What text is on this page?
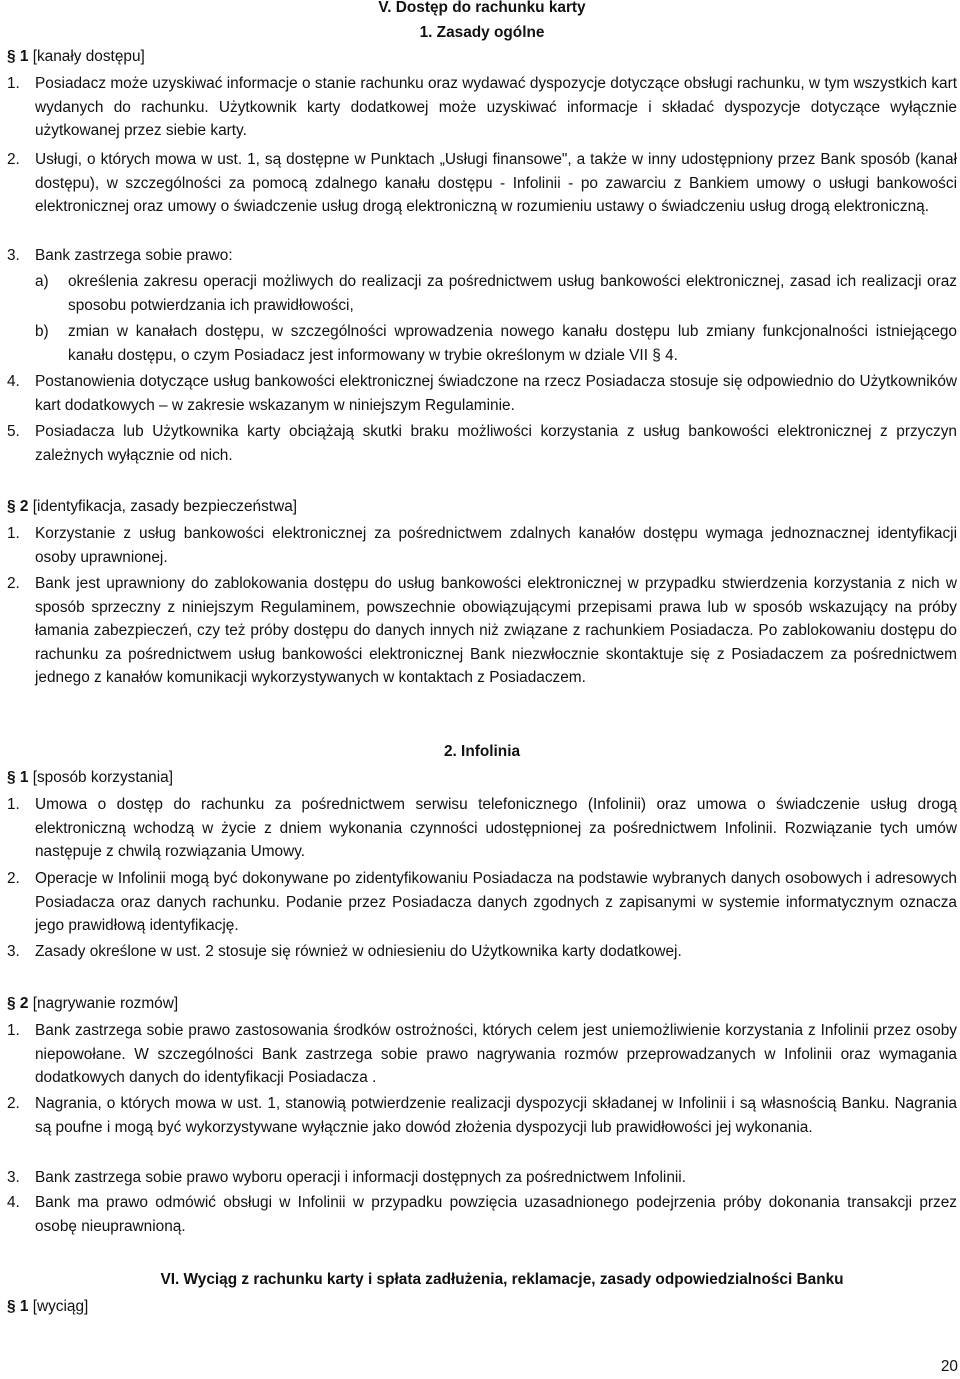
V. Dostęp do rachunku karty
1. Zasady ogólne
§ 1 [kanały dostępu]
1. Posiadacz może uzyskiwać informacje o stanie rachunku oraz wydawać dyspozycje dotyczące obsługi rachunku, w tym wszystkich kart wydanych do rachunku. Użytkownik karty dodatkowej może uzyskiwać informacje i składać dyspozycje dotyczące wyłącznie użytkowanej przez siebie karty.
2. Usługi, o których mowa w ust. 1, są dostępne w Punktach „Usługi finansowe", a także w inny udostępniony przez Bank sposób (kanał dostępu), w szczególności za pomocą zdalnego kanału dostępu - Infolinii - po zawarciu z Bankiem umowy o usługi bankowości elektronicznej oraz umowy o świadczenie usług drogą elektroniczną w rozumieniu ustawy o świadczeniu usług drogą elektroniczną.
3. Bank zastrzega sobie prawo:
a)	określenia zakresu operacji możliwych do realizacji za pośrednictwem usług bankowości elektronicznej, zasad ich realizacji oraz sposobu potwierdzania ich prawidłowości,
b)	zmian w kanałach dostępu, w szczególności wprowadzenia nowego kanału dostępu lub zmiany funkcjonalności istniejącego kanału dostępu, o czym Posiadacz jest informowany w trybie określonym w dziale VII § 4.
4. Postanowienia dotyczące usług bankowości elektronicznej świadczone na rzecz Posiadacza stosuje się odpowiednio do Użytkowników kart dodatkowych – w zakresie wskazanym w niniejszym Regulaminie.
5. Posiadacza lub Użytkownika karty obciążają skutki braku możliwości korzystania z usług bankowości elektronicznej z przyczyn zależnych wyłącznie od nich.
§ 2 [identyfikacja, zasady bezpieczeństwa]
1. Korzystanie z usług bankowości elektronicznej za pośrednictwem zdalnych kanałów dostępu wymaga jednoznacznej identyfikacji osoby uprawnionej.
2. Bank jest uprawniony do zablokowania dostępu do usług bankowości elektronicznej w przypadku stwierdzenia korzystania z nich w sposób sprzeczny z niniejszym Regulaminem, powszechnie obowiązującymi przepisami prawa lub w sposób wskazujący na próby łamania zabezpieczeń, czy też próby dostępu do danych innych niż związane z rachunkiem Posiadacza. Po zablokowaniu dostępu do rachunku za pośrednictwem usług bankowości elektronicznej Bank niezwłocznie skontaktuje się z Posiadaczem za pośrednictwem jednego z kanałów komunikacji wykorzystywanych w kontaktach z Posiadaczem.
2. Infolinia
§ 1 [sposób korzystania]
1. Umowa o dostęp do rachunku za pośrednictwem serwisu telefonicznego (Infolinii) oraz umowa o świadczenie usług drogą elektroniczną wchodzą w życie z dniem wykonania czynności udostępnionej za pośrednictwem Infolinii. Rozwiązanie tych umów następuje z chwilą rozwiązania Umowy.
2. Operacje w Infolinii mogą być dokonywane po zidentyfikowaniu Posiadacza na podstawie wybranych danych osobowych i adresowych Posiadacza oraz danych rachunku. Podanie przez Posiadacza danych zgodnych z zapisanymi w systemie informatycznym oznacza jego prawidłową identyfikację.
3. Zasady określone w ust. 2 stosuje się również w odniesieniu do Użytkownika karty dodatkowej.
§ 2 [nagrywanie rozmów]
1. Bank zastrzega sobie prawo zastosowania środków ostrożności, których celem jest uniemożliwienie korzystania z Infolinii przez osoby niepowołane. W szczególności Bank zastrzega sobie prawo nagrywania rozmów przeprowadzanych w Infolinii oraz wymagania dodatkowych danych do identyfikacji Posiadacza .
2. Nagrania, o których mowa w ust. 1, stanowią potwierdzenie realizacji dyspozycji składanej w Infolinii i są własnością Banku. Nagrania są poufne i mogą być wykorzystywane wyłącznie jako dowód złożenia dyspozycji lub prawidłowości jej wykonania.
3. Bank zastrzega sobie prawo wyboru operacji i informacji dostępnych za pośrednictwem Infolinii.
4. Bank ma prawo odmówić obsługi w Infolinii w przypadku powzięcia uzasadnionego podejrzenia próby dokonania transakcji przez osobę nieuprawnioną.
VI. Wyciąg z rachunku karty i spłata zadłużenia, reklamacje, zasady odpowiedzialności Banku
§ 1 [wyciąg]
20
